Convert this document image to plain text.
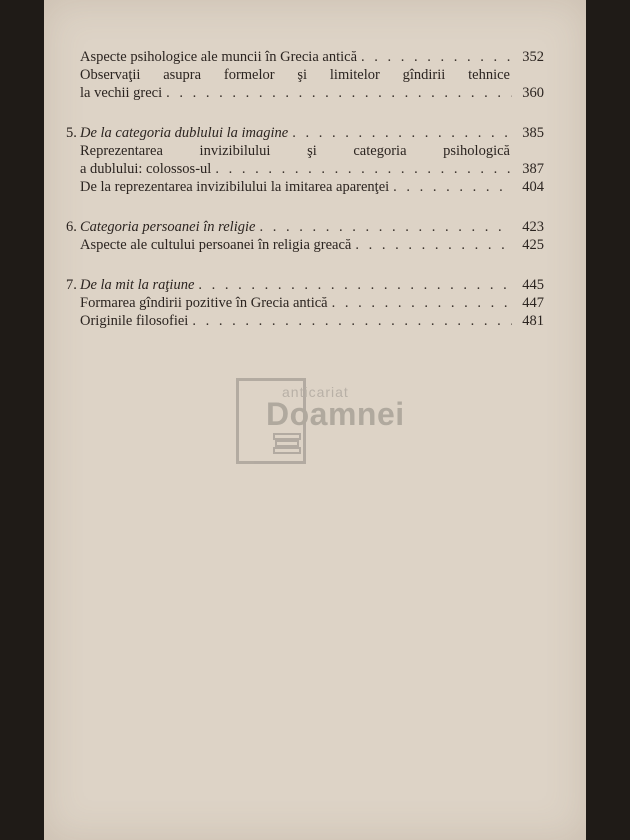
Aspecte psihologice ale muncii în Grecia antică . . .	352
Observaţii asupra formelor şi limitelor gîndirii tehnice
la vechii greci . . .	360
5. De la categoria dublului la imagine . . .	385
Reprezentarea invizibilului şi categoria psihologică
a dublului: colossos-ul . . .	387
De la reprezentarea invizibilului la imitarea aparenţei . . .	404
6. Categoria persoanei în religie . . .	423
Aspecte ale cultului persoanei în religia greacă . . .	425
7. De la mit la raţiune . . .	445
Formarea gîndirii pozitive în Grecia antică . . .	447
Originile filosofiei . . .	481
anticariat
Doamnei
